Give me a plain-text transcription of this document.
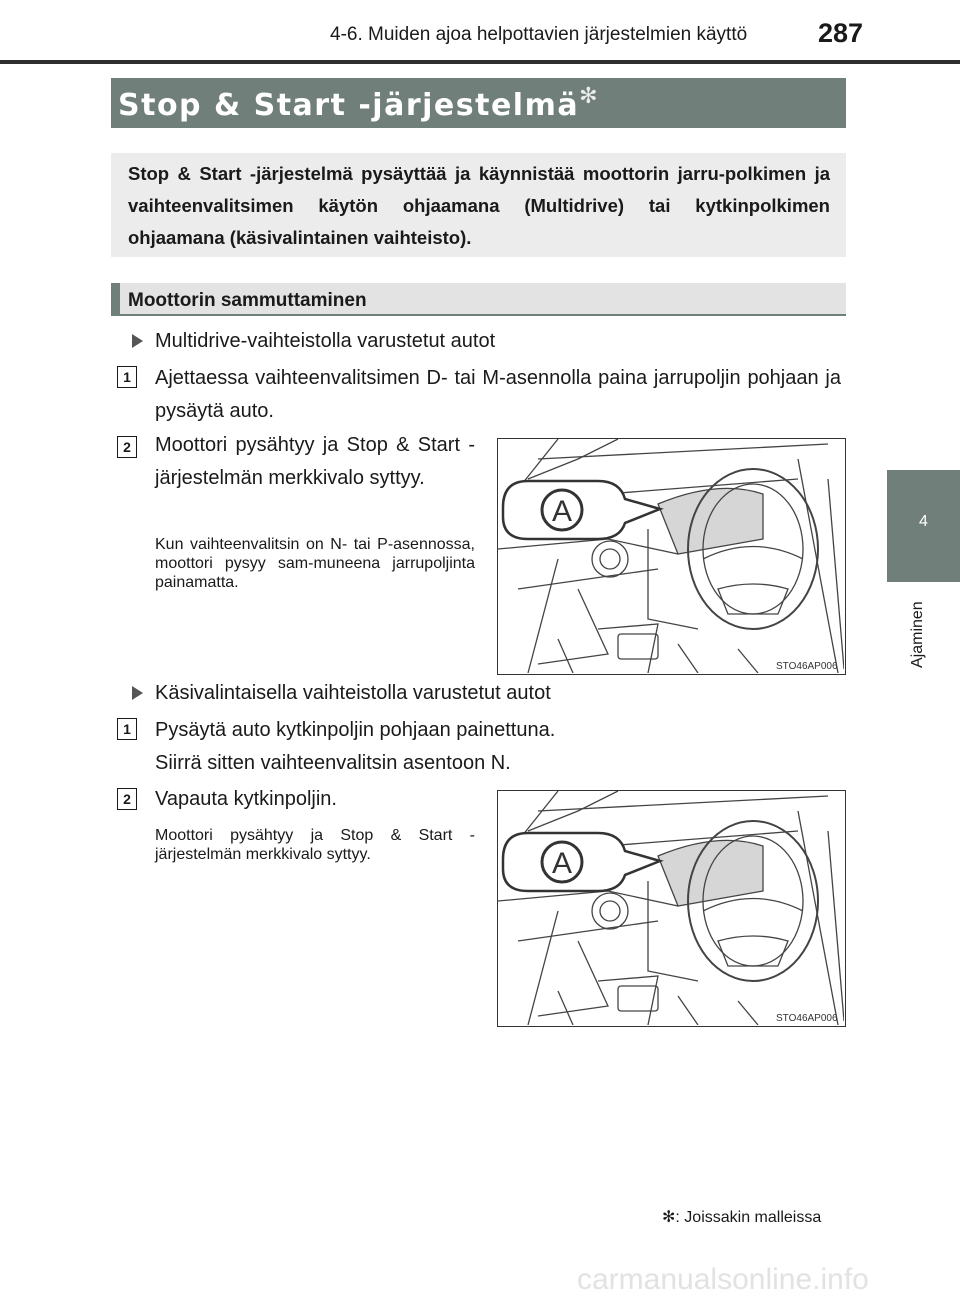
4-6. Muiden ajoa helpottavien järjestelmien käyttö	287
4
Ajaminen
Stop & Start -järjestelmä✻
Stop & Start -järjestelmä pysäyttää ja käynnistää moottorin jarru-polkimen ja vaihteenvalitsimen käytön ohjaamana (Multidrive) tai kytkinpolkimen ohjaamana (käsivalintainen vaihteisto).
Moottorin sammuttaminen
Multidrive-vaihteistolla varustetut autot
1	Ajettaessa vaihteenvalitsimen D- tai M-asennolla paina jarrupoljin pohjaan ja pysäytä auto.
2	Moottori pysähtyy ja Stop & Start -järjestelmän merkkivalo syttyy.
Kun vaihteenvalitsin on N- tai P-asennossa, moottori pysyy sam-muneena jarrupoljinta painamatta.
A
STO46AP006
Käsivalintaisella vaihteistolla varustetut autot
1	Pysäytä auto kytkinpoljin pohjaan painettuna.
Siirrä sitten vaihteenvalitsin asentoon N.
2	Vapauta kytkinpoljin.
Moottori pysähtyy ja Stop & Start -järjestelmän merkkivalo syttyy.	A
STO46AP006
✻: Joissakin malleissa
carmanualsonline.info
